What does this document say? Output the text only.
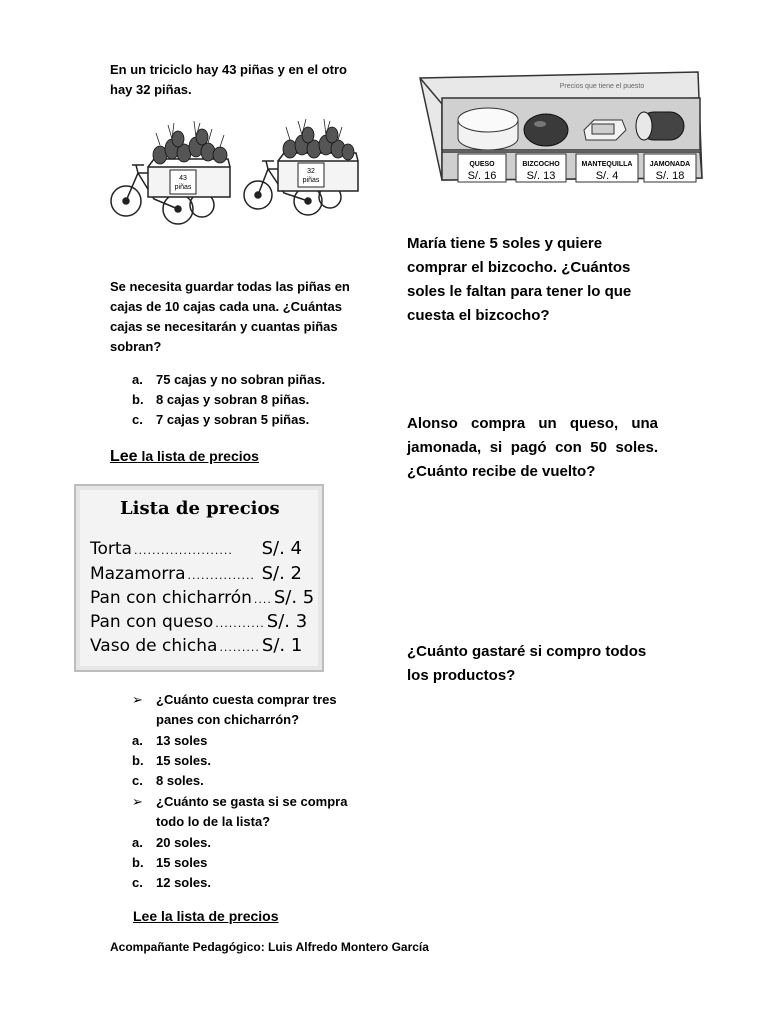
En un triciclo hay 43 piñas y en el otro
hay 32 piñas.
43
piñas
32
piñas
Se necesita guardar todas las piñas en
cajas de 10 cajas cada una. ¿Cuántas
cajas se necesitarán y cuantas piñas
sobran?
a. 75 cajas y no sobran piñas.
b. 8 cajas y sobran 8 piñas.
c. 7 cajas y sobran 5 piñas.
Lee la lista de precios
Lista de precios
Torta ......................	S/. 4
Mazamorra ............... S/. 2
Pan con chicharrón .... S/. 5
Pan con queso ........... S/. 3
Vaso de chicha ......... S/. 1
➢ ¿Cuánto cuesta comprar tres
panes con chicharrón?
a. 13 soles
b. 15 soles.
c. 8 soles.
➢ ¿Cuánto se gasta si se compra
todo lo de la lista?
a. 20 soles.
b. 15 soles
c. 12 soles.
Lee la lista de precios
Acompañante Pedagógico: Luis Alfredo Montero García
Precios que tiene el puesto
QUESO
S/. 16
BIZCOCHO
S/. 13
MANTEQUILLA
S/. 4
JAMONADA
S/. 18
María tiene 5 soles y quiere
comprar el bizcocho. ¿Cuántos
soles le faltan para tener lo que
cuesta el bizcocho?
Alonso compra un queso, una
jamonada, si pagó con 50 soles.
¿Cuánto recibe de vuelto?
¿Cuánto gastaré si compro todos
los productos?
